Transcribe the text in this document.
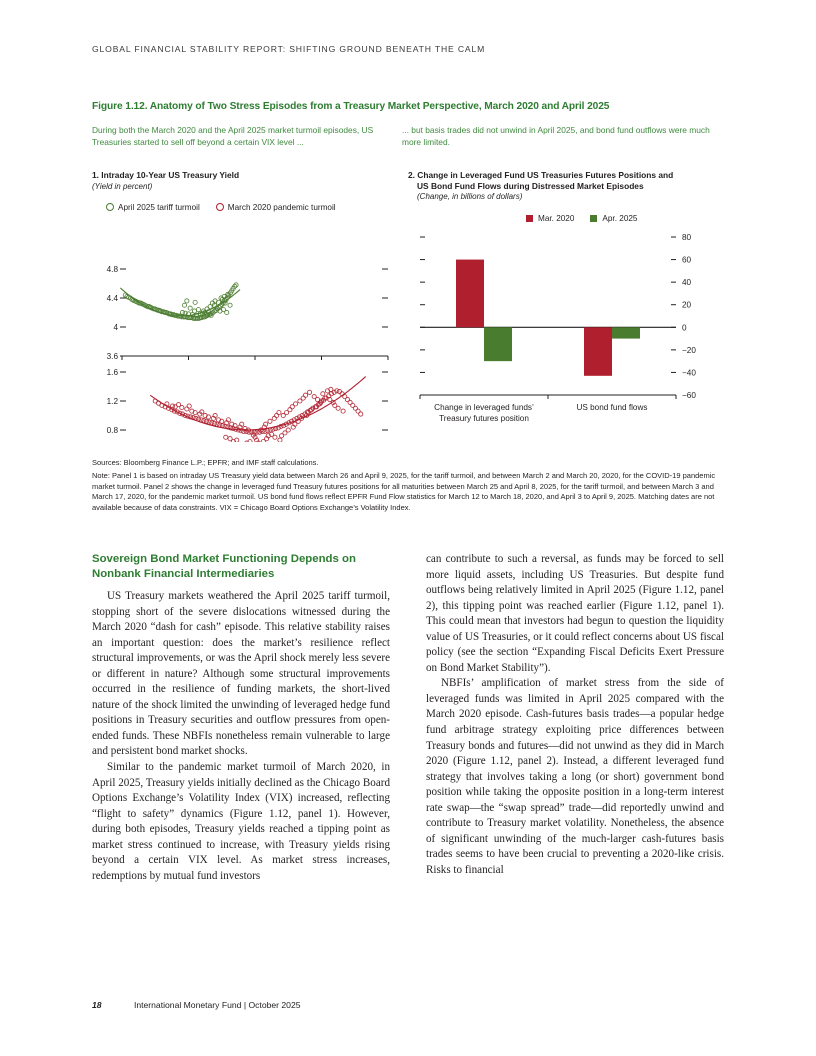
GLOBAL FINANCIAL STABILITY REPORT: SHIFTING GROUND BENEATH THE CALM
Figure 1.12. Anatomy of Two Stress Episodes from a Treasury Market Perspective, March 2020 and April 2025
During both the March 2020 and the April 2025 market turmoil episodes, US Treasuries started to sell off beyond a certain VIX level ...
... but basis trades did not unwind in April 2025, and bond fund outflows were much more limited.
1. Intraday 10-Year US Treasury Yield
(Yield in percent)
April 2025 tariff turmoil	March 2020 pandemic turmoil
3.6
4
4.4
4.8
0.8
1.2
1.6
2. Change in Leveraged Fund US Treasuries Futures Positions and
US Bond Fund Flows during Distressed Market Episodes
(Change, in billions of dollars)
Mar. 2020	Apr. 2025
−60
−40
−20
0
20
40
60
80
Change in leveraged funds’
Treasury futures position
US bond fund flows

Sources: Bloomberg Finance L.P.; EPFR; and IMF staff calculations.

Note: Panel 1 is based on intraday US Treasury yield data between March 26 and April 9, 2025, for the tariff turmoil, and between March 2 and March 20, 2020, for the COVID-19 pandemic market turmoil. Panel 2 shows the change in leveraged fund Treasury futures positions for all maturities between March 25 and April 8, 2025, for the tariff turmoil, and between March 3 and March 17, 2020, for the pandemic market turmoil. US bond fund flows reflect EPFR Fund Flow statistics for March 12 to March 18, 2020, and April 3 to April 9, 2025. Matching dates are not available because of data constraints. VIX = Chicago Board Options Exchange’s Volatility Index.

Sovereign Bond Market Functioning Depends on Nonbank Financial Intermediaries

US Treasury markets weathered the April 2025 tariff turmoil, stopping short of the severe dislocations witnessed during the March 2020 “dash for cash” episode. This relative stability raises an important question: does the market’s resilience reflect structural improvements, or was the April shock merely less severe or different in nature? Although some structural improvements occurred in the resilience of funding markets, the short-lived nature of the shock limited the unwinding of leveraged hedge fund positions in Treasury securities and outflow pressures from open-ended funds. These NBFIs nonetheless remain vulnerable to large and persistent bond market shocks.

Similar to the pandemic market turmoil of March 2020, in April 2025, Treasury yields initially declined as the Chicago Board Options Exchange’s Volatility Index (VIX) increased, reflecting “flight to safety” dynamics (Figure 1.12, panel 1). However, during both episodes, Treasury yields reached a tipping point as market stress continued to increase, with Treasury yields rising beyond a certain VIX level. As market stress increases, redemptions by mutual fund investors

can contribute to such a reversal, as funds may be forced to sell more liquid assets, including US Treasuries. But despite fund outflows being relatively limited in April 2025 (Figure 1.12, panel 2), this tipping point was reached earlier (Figure 1.12, panel 1). This could mean that investors had begun to question the liquidity value of US Treasuries, or it could reflect concerns about US fiscal policy (see the section “Expanding Fiscal Deficits Exert Pressure on Bond Market Stability”).

NBFIs’ amplification of market stress from the side of leveraged funds was limited in April 2025 compared with the March 2020 episode. Cash-futures basis trades—a popular hedge fund arbitrage strategy exploiting price differences between Treasury bonds and futures—did not unwind as they did in March 2020 (Figure 1.12, panel 2). Instead, a different leveraged fund strategy that involves taking a long (or short) government bond position while taking the opposite position in a long-term interest rate swap—the “swap spread” trade—did reportedly unwind and contribute to Treasury market volatility. Nonetheless, the absence of significant unwinding of the much-larger cash-futures basis trades seems to have been crucial to preventing a 2020-like crisis. Risks to financial

18	International Monetary Fund | October 2025
